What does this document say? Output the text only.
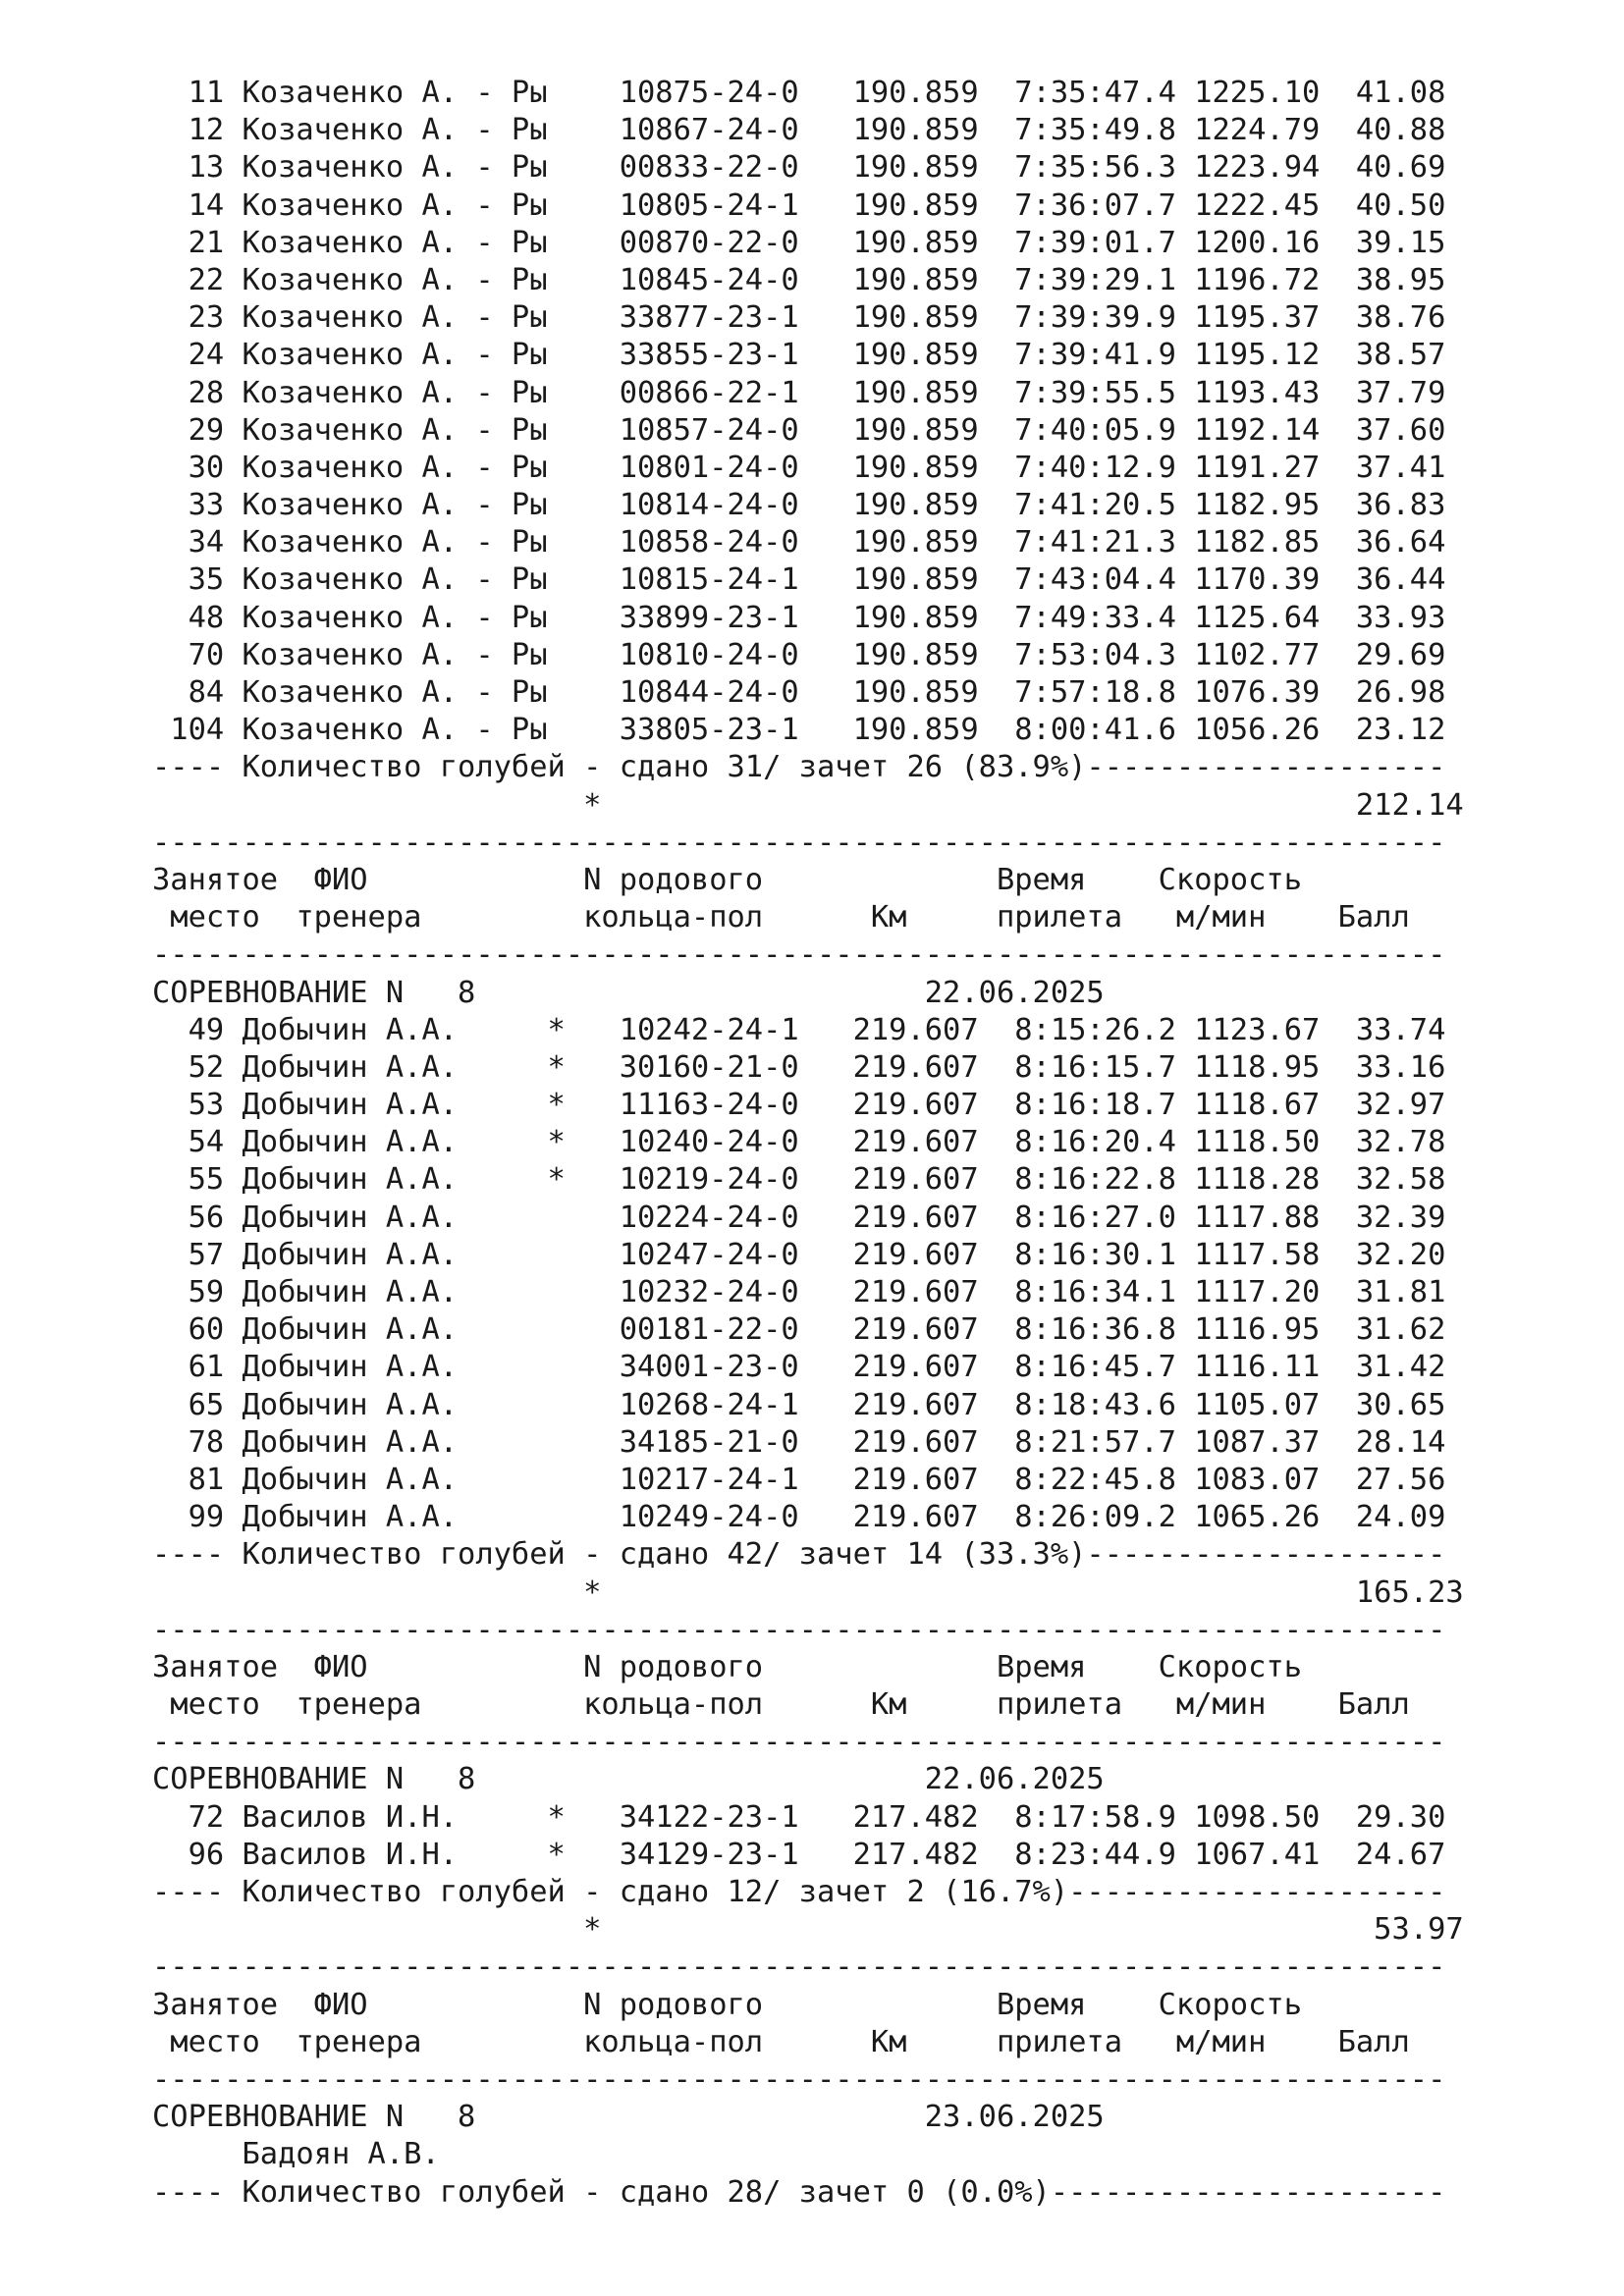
11 Козаченко А. - Ры    10875-24-0   190.859  7:35:47.4 1225.10  41.08
12 Козаченко А. - Ры    10867-24-0   190.859  7:35:49.8 1224.79  40.88
13 Козаченко А. - Ры    00833-22-0   190.859  7:35:56.3 1223.94  40.69
14 Козаченко А. - Ры    10805-24-1   190.859  7:36:07.7 1222.45  40.50
21 Козаченко А. - Ры    00870-22-0   190.859  7:39:01.7 1200.16  39.15
22 Козаченко А. - Ры    10845-24-0   190.859  7:39:29.1 1196.72  38.95
23 Козаченко А. - Ры    33877-23-1   190.859  7:39:39.9 1195.37  38.76
24 Козаченко А. - Ры    33855-23-1   190.859  7:39:41.9 1195.12  38.57
28 Козаченко А. - Ры    00866-22-1   190.859  7:39:55.5 1193.43  37.79
29 Козаченко А. - Ры    10857-24-0   190.859  7:40:05.9 1192.14  37.60
30 Козаченко А. - Ры    10801-24-0   190.859  7:40:12.9 1191.27  37.41
33 Козаченко А. - Ры    10814-24-0   190.859  7:41:20.5 1182.95  36.83
34 Козаченко А. - Ры    10858-24-0   190.859  7:41:21.3 1182.85  36.64
35 Козаченко А. - Ры    10815-24-1   190.859  7:43:04.4 1170.39  36.44
48 Козаченко А. - Ры    33899-23-1   190.859  7:49:33.4 1125.64  33.93
70 Козаченко А. - Ры    10810-24-0   190.859  7:53:04.3 1102.77  29.69
84 Козаченко А. - Ры    10844-24-0   190.859  7:57:18.8 1076.39  26.98
104 Козаченко А. - Ры    33805-23-1   190.859  8:00:41.6 1056.26  23.12
---- Количество голубей - сдано 31/ зачет 26 (83.9%)--------------------
*                                          212.14
------------------------------------------------------------------------
Занятое  ФИО            N родового             Время    Скорость
место  тренера         кольца-пол      Км     прилета   м/мин    Балл
------------------------------------------------------------------------
СОРЕВНОВАНИЕ N   8                         22.06.2025
49 Добычин А.А.     *   10242-24-1   219.607  8:15:26.2 1123.67  33.74
52 Добычин А.А.     *   30160-21-0   219.607  8:16:15.7 1118.95  33.16
53 Добычин А.А.     *   11163-24-0   219.607  8:16:18.7 1118.67  32.97
54 Добычин А.А.     *   10240-24-0   219.607  8:16:20.4 1118.50  32.78
55 Добычин А.А.     *   10219-24-0   219.607  8:16:22.8 1118.28  32.58
56 Добычин А.А.         10224-24-0   219.607  8:16:27.0 1117.88  32.39
57 Добычин А.А.         10247-24-0   219.607  8:16:30.1 1117.58  32.20
59 Добычин А.А.         10232-24-0   219.607  8:16:34.1 1117.20  31.81
60 Добычин А.А.         00181-22-0   219.607  8:16:36.8 1116.95  31.62
61 Добычин А.А.         34001-23-0   219.607  8:16:45.7 1116.11  31.42
65 Добычин А.А.         10268-24-1   219.607  8:18:43.6 1105.07  30.65
78 Добычин А.А.         34185-21-0   219.607  8:21:57.7 1087.37  28.14
81 Добычин А.А.         10217-24-1   219.607  8:22:45.8 1083.07  27.56
99 Добычин А.А.         10249-24-0   219.607  8:26:09.2 1065.26  24.09
---- Количество голубей - сдано 42/ зачет 14 (33.3%)--------------------
*                                          165.23
------------------------------------------------------------------------
Занятое  ФИО            N родового             Время    Скорость
место  тренера         кольца-пол      Км     прилета   м/мин    Балл
------------------------------------------------------------------------
СОРЕВНОВАНИЕ N   8                         22.06.2025
72 Василов И.Н.     *   34122-23-1   217.482  8:17:58.9 1098.50  29.30
96 Василов И.Н.     *   34129-23-1   217.482  8:23:44.9 1067.41  24.67
---- Количество голубей - сдано 12/ зачет 2 (16.7%)---------------------
*                                           53.97
------------------------------------------------------------------------
Занятое  ФИО            N родового             Время    Скорость
место  тренера         кольца-пол      Км     прилета   м/мин    Балл
------------------------------------------------------------------------
СОРЕВНОВАНИЕ N   8                         23.06.2025
Бадоян А.В.
---- Количество голубей - сдано 28/ зачет 0 (0.0%)----------------------
